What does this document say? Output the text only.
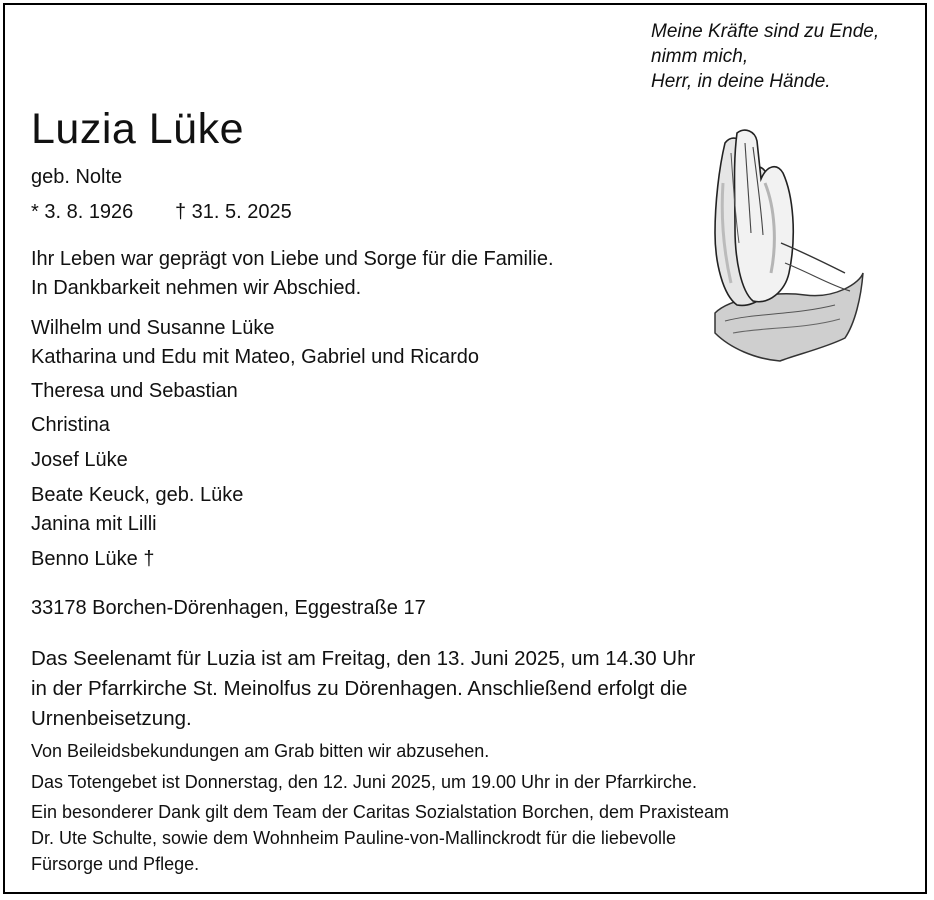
Meine Kräfte sind zu Ende,
nimm mich,
Herr, in deine Hände.
Luzia Lüke
geb. Nolte
* 3. 8. 1926 † 31. 5. 2025
Ihr Leben war geprägt von Liebe und Sorge für die Familie.
In Dankbarkeit nehmen wir Abschied.
Wilhelm und Susanne Lüke
Katharina und Edu mit Mateo, Gabriel und Ricardo
Theresa und Sebastian
Christina
Josef Lüke
Beate Keuck, geb. Lüke
Janina mit Lilli
Benno Lüke †
33178 Borchen-Dörenhagen, Eggestraße 17
Das Seelenamt für Luzia ist am Freitag, den 13. Juni 2025, um 14.30 Uhr
in der Pfarrkirche St. Meinolfus zu Dörenhagen. Anschließend erfolgt die
Urnenbeisetzung.
Von Beileidsbekundungen am Grab bitten wir abzusehen.
Das Totengebet ist Donnerstag, den 12. Juni 2025, um 19.00 Uhr in der Pfarrkirche.
Ein besonderer Dank gilt dem Team der Caritas Sozialstation Borchen, dem Praxisteam
Dr. Ute Schulte, sowie dem Wohnheim Pauline-von-Mallinckrodt für die liebevolle
Fürsorge und Pflege.
